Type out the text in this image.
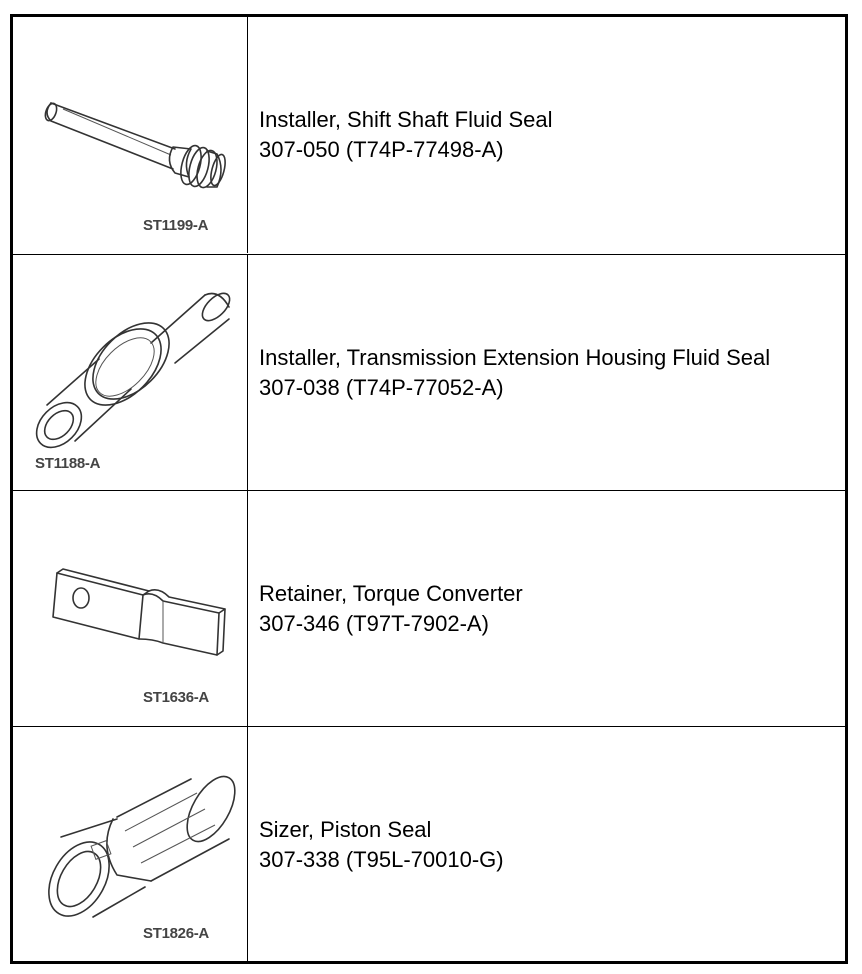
ST1199-A
Installer, Shift Shaft Fluid Seal
307-050 (T74P-77498-A)
ST1188-A
Installer, Transmission Extension Housing Fluid Seal
307-038 (T74P-77052-A)
ST1636-A
Retainer, Torque Converter
307-346 (T97T-7902-A)
ST1826-A
Sizer, Piston Seal
307-338 (T95L-70010-G)
